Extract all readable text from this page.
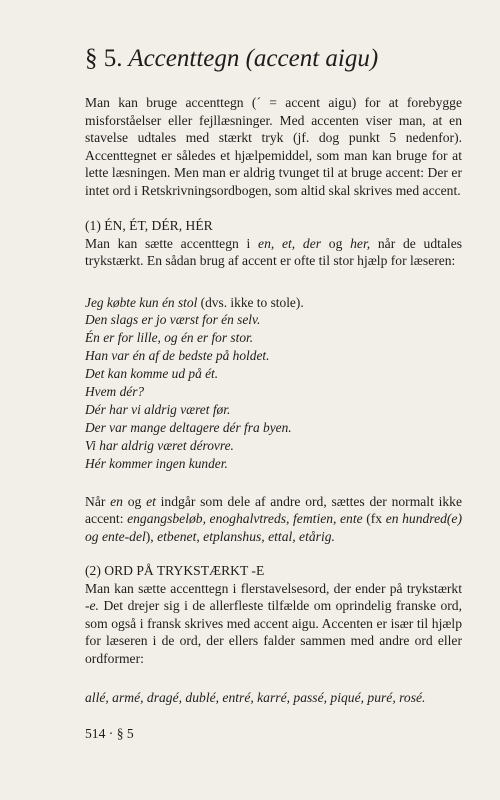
§ 5. Accenttegn (accent aigu)

Man kan bruge accenttegn (´ = accent aigu) for at forebygge misforståelser eller fejllæsninger. Med accenten viser man, at en stavelse udtales med stærkt tryk (jf. dog punkt 5 nedenfor). Accenttegnet er således et hjælpemiddel, som man kan bruge for at lette læsningen. Men man er aldrig tvunget til at bruge accent: Der er intet ord i Retskrivningsordbogen, som altid skal skrives med accent.

(1) ÉN, ÉT, DÉR, HÉR

Man kan sætte accenttegn i en, et, der og her, når de udtales trykstærkt. En sådan brug af accent er ofte til stor hjælp for læseren:

Jeg købte kun én stol (dvs. ikke to stole).
Den slags er jo værst for én selv.
Én er for lille, og én er for stor.
Han var én af de bedste på holdet.
Det kan komme ud på ét.
Hvem dér?
Dér har vi aldrig været før.
Der var mange deltagere dér fra byen.
Vi har aldrig været dérovre.
Hér kommer ingen kunder.

Når en og et indgår som dele af andre ord, sættes der normalt ikke accent: engangsbeløb, enoghalvtreds, femtien, ente (fx en hundred(e) og ente-del), etbenet, etplanshus, ettal, etårig.

(2) ORD PÅ TRYKSTÆRKT -E

Man kan sætte accenttegn i flerstavelsesord, der ender på trykstærkt -e. Det drejer sig i de allerfleste tilfælde om oprindelig franske ord, som også i fransk skrives med accent aigu. Accenten er især til hjælp for læseren i de ord, der ellers falder sammen med andre ord eller ordformer:

allé, armé, dragé, dublé, entré, karré, passé, piqué, puré, rosé.

514 · § 5
